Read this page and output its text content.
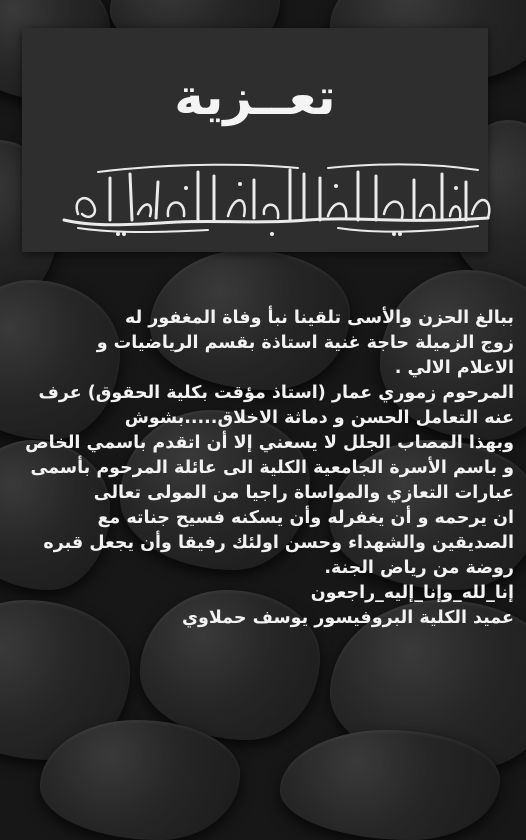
تعــزية
ببالغ الحزن والأسى تلقينا نبأ وفاة المغفور له
زوج الزميلة حاجة غنية استاذة بقسم الرياضيات و
الاعلام الالي .
المرحوم زموري عمار (استاذ مؤقت بكلية الحقوق) عرف
عنه التعامل الحسن و دماثة الاخلاق.....بشوش
وبهذا المصاب الجلل لا يسعني إلا أن اتقدم باسمي الخاص
و باسم الأسرة الجامعية الكلية الى عائلة المرحوم بأسمى
عبارات التعازي والمواساة راجيا من المولى تعالى
ان يرحمه و أن يغفرله وأن يسكنه فسيح جناته مع
الصديقين والشهداء وحسن اولئك رفيقا وأن يجعل قبره
روضة من رياض الجنة.
إنا_لله_وإنا_إليه_راجعون
عميد الكلية البروفيسور يوسف حملاوي
